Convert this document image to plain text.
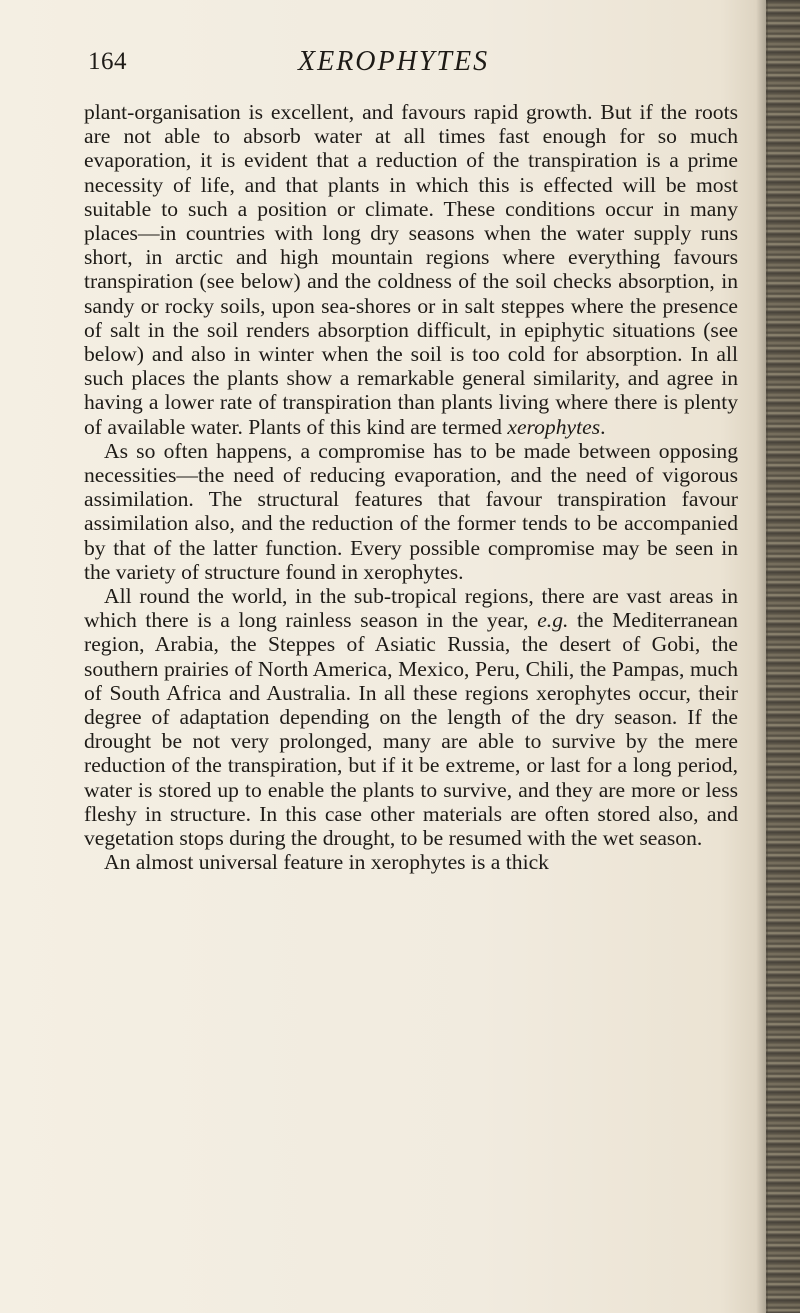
164	XEROPHYTES

plant-organisation is excellent, and favours rapid growth. But if the roots are not able to absorb water at all times fast enough for so much evaporation, it is evident that a reduction of the transpiration is a prime necessity of life, and that plants in which this is effected will be most suitable to such a position or climate. These conditions occur in many places—in countries with long dry seasons when the water supply runs short, in arctic and high mountain regions where everything favours transpiration (see below) and the coldness of the soil checks absorption, in sandy or rocky soils, upon sea-shores or in salt steppes where the presence of salt in the soil renders absorption difficult, in epiphytic situations (see below) and also in winter when the soil is too cold for absorption. In all such places the plants show a remarkable general similarity, and agree in having a lower rate of transpiration than plants living where there is plenty of available water. Plants of this kind are termed xerophytes.

As so often happens, a compromise has to be made between opposing necessities—the need of reducing evaporation, and the need of vigorous assimilation. The structural features that favour transpiration favour assimilation also, and the reduction of the former tends to be accompanied by that of the latter function. Every possible compromise may be seen in the variety of structure found in xerophytes.

All round the world, in the sub-tropical regions, there are vast areas in which there is a long rainless season in the year, e.g. the Mediterranean region, Arabia, the Steppes of Asiatic Russia, the desert of Gobi, the southern prairies of North America, Mexico, Peru, Chili, the Pampas, much of South Africa and Australia. In all these regions xerophytes occur, their degree of adaptation depending on the length of the dry season. If the drought be not very prolonged, many are able to survive by the mere reduction of the transpiration, but if it be extreme, or last for a long period, water is stored up to enable the plants to survive, and they are more or less fleshy in structure. In this case other materials are often stored also, and vegetation stops during the drought, to be resumed with the wet season.

An almost universal feature in xerophytes is a thick
